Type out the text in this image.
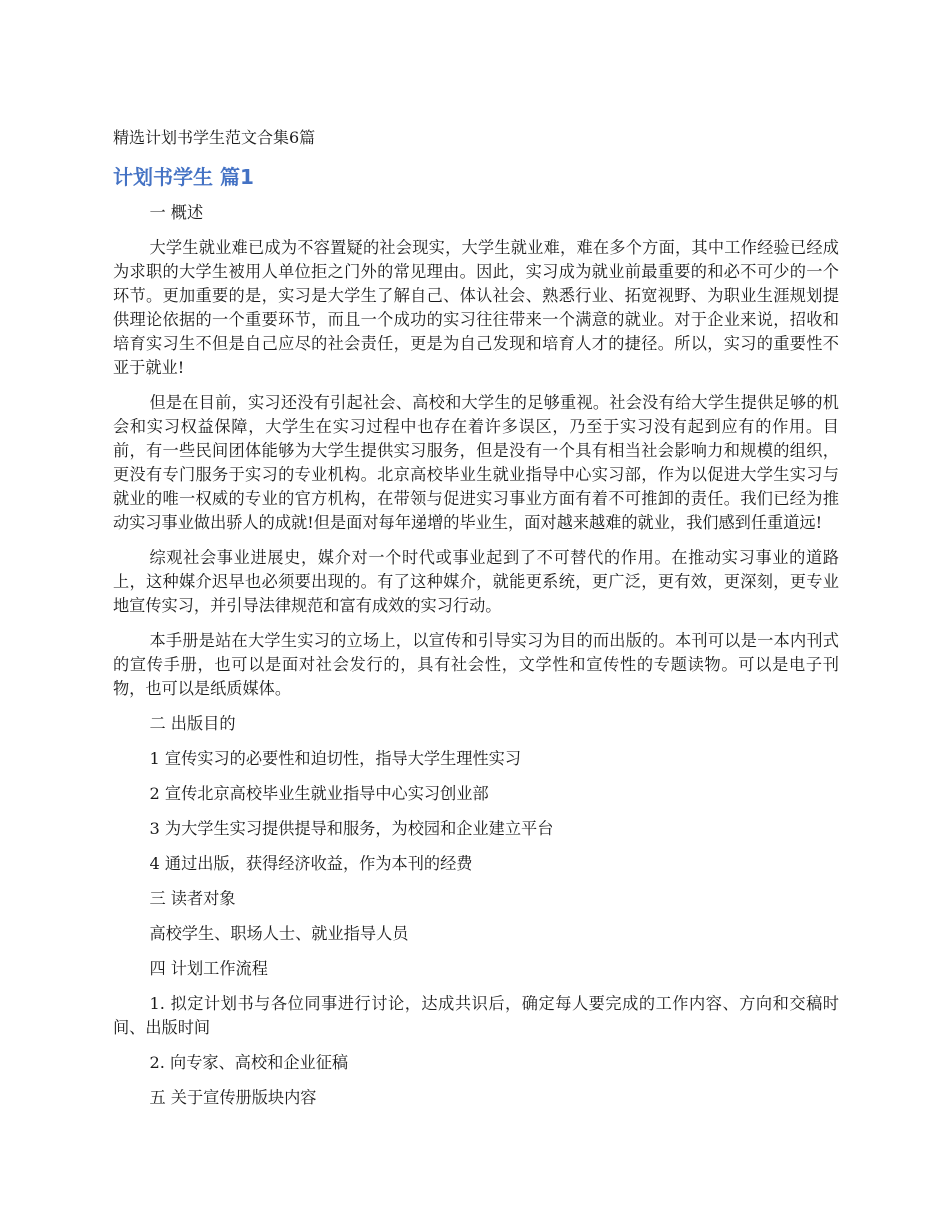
精选计划书学生范文合集6篇
计划书学生 篇1

一 概述

大学生就业难已成为不容置疑的社会现实，大学生就业难，难在多个方面，其中工作经验已经成为求职的大学生被用人单位拒之门外的常见理由。因此，实习成为就业前最重要的和必不可少的一个环节。更加重要的是，实习是大学生了解自己、体认社会、熟悉行业、拓宽视野、为职业生涯规划提供理论依据的一个重要环节，而且一个成功的实习往往带来一个满意的就业。对于企业来说，招收和培育实习生不但是自己应尽的社会责任，更是为自己发现和培育人才的捷径。所以，实习的重要性不亚于就业!

但是在目前，实习还没有引起社会、高校和大学生的足够重视。社会没有给大学生提供足够的机会和实习权益保障，大学生在实习过程中也存在着许多误区，乃至于实习没有起到应有的作用。目前，有一些民间团体能够为大学生提供实习服务，但是没有一个具有相当社会影响力和规模的组织，更没有专门服务于实习的专业机构。北京高校毕业生就业指导中心实习部，作为以促进大学生实习与就业的唯一权威的专业的官方机构，在带领与促进实习事业方面有着不可推卸的责任。我们已经为推动实习事业做出骄人的成就!但是面对每年递增的毕业生，面对越来越难的就业，我们感到任重道远!

综观社会事业进展史，媒介对一个时代或事业起到了不可替代的作用。在推动实习事业的道路上，这种媒介迟早也必须要出现的。有了这种媒介，就能更系统，更广泛，更有效，更深刻，更专业地宣传实习，并引导法律规范和富有成效的实习行动。

本手册是站在大学生实习的立场上，以宣传和引导实习为目的而出版的。本刊可以是一本内刊式的宣传手册，也可以是面对社会发行的，具有社会性，文学性和宣传性的专题读物。可以是电子刊物，也可以是纸质媒体。

二 出版目的

1 宣传实习的必要性和迫切性，指导大学生理性实习

2 宣传北京高校毕业生就业指导中心实习创业部

3 为大学生实习提供提导和服务，为校园和企业建立平台

4 通过出版，获得经济收益，作为本刊的经费

三 读者对象

高校学生、职场人士、就业指导人员

四 计划工作流程

1. 拟定计划书与各位同事进行讨论，达成共识后，确定每人要完成的工作内容、方向和交稿时间、出版时间

2. 向专家、高校和企业征稿

五 关于宣传册版块内容
